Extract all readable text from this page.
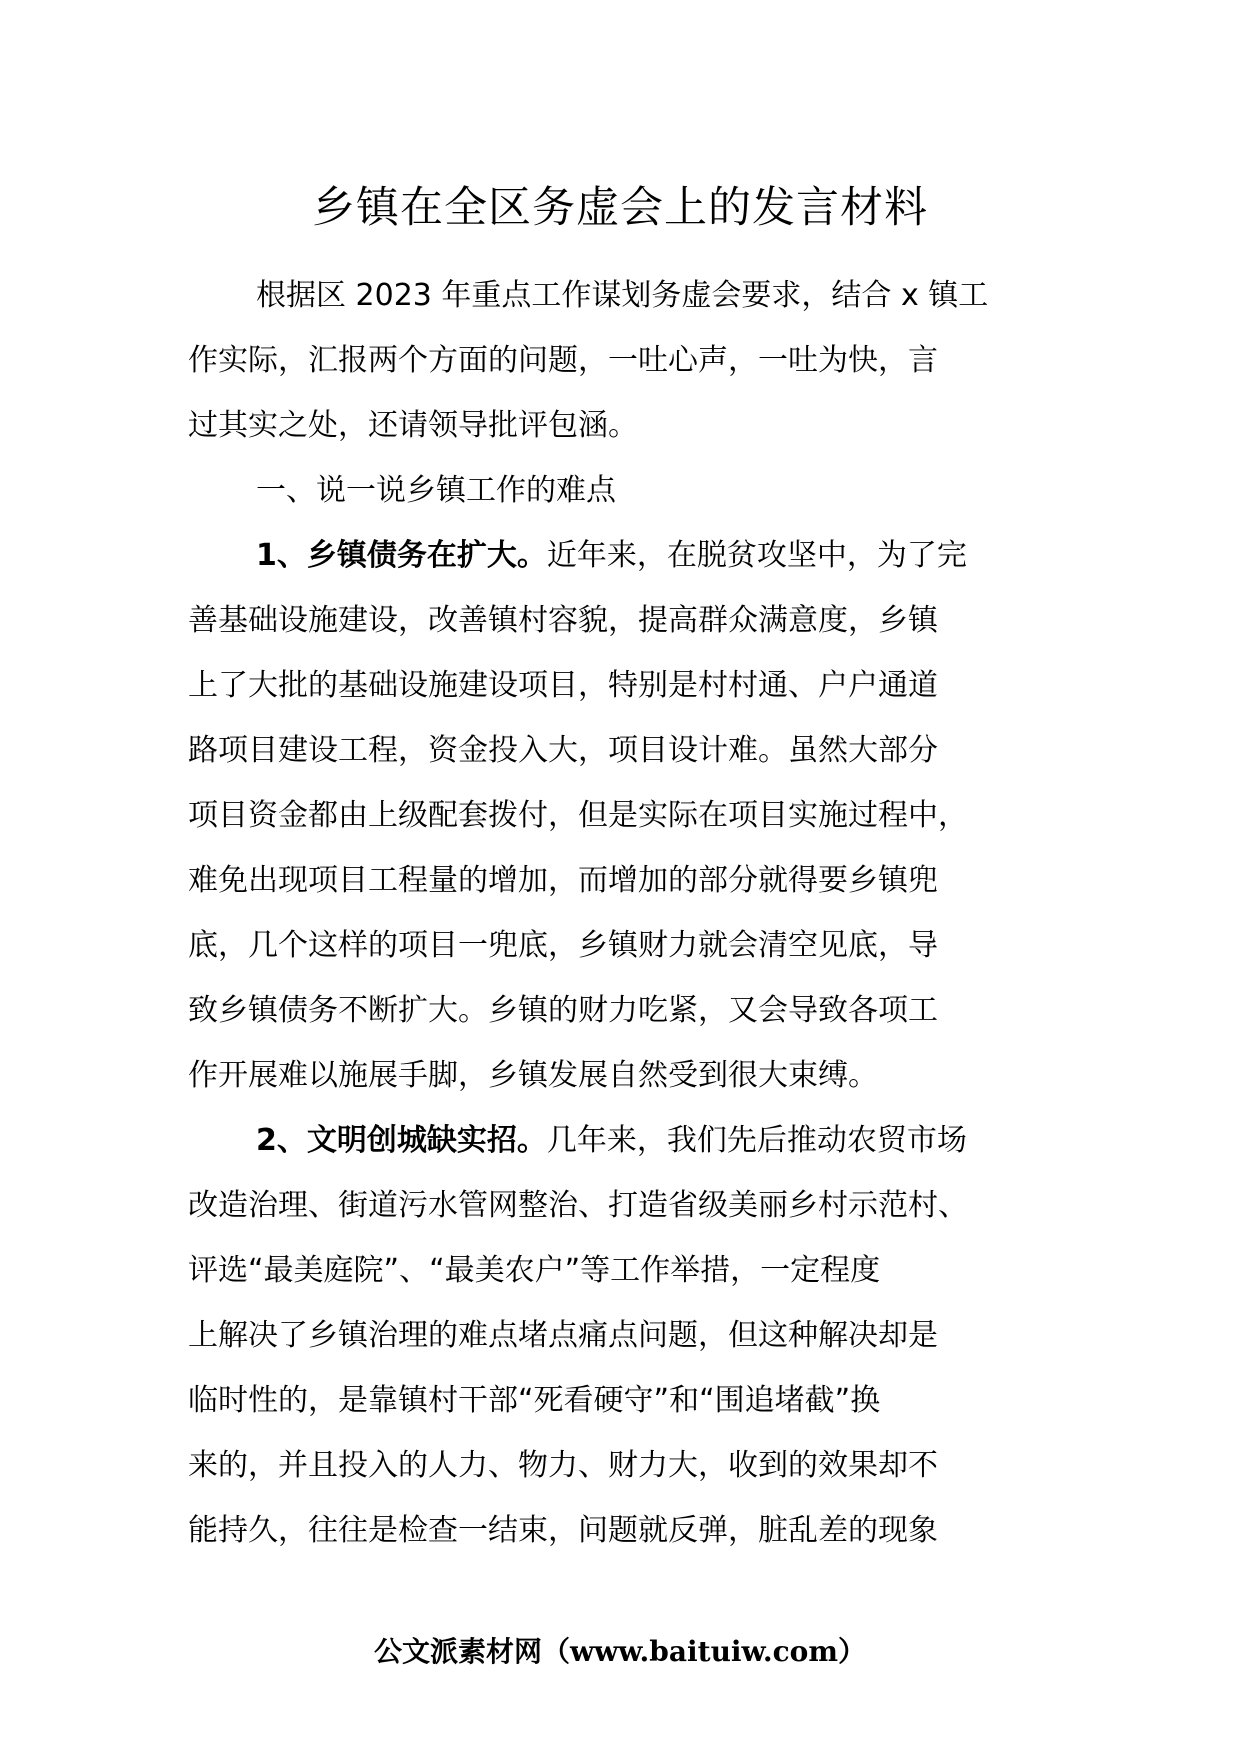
乡镇在全区务虚会上的发言材料
根据区 2023 年重点工作谋划务虚会要求，结合 x 镇工
作实际，汇报两个方面的问题，一吐心声，一吐为快，言
过其实之处，还请领导批评包涵。
一、说一说乡镇工作的难点
1、乡镇债务在扩大。近年来，在脱贫攻坚中，为了完
善基础设施建设，改善镇村容貌，提高群众满意度，乡镇
上了大批的基础设施建设项目，特别是村村通、户户通道
路项目建设工程，资金投入大，项目设计难。虽然大部分
项目资金都由上级配套拨付，但是实际在项目实施过程中，
难免出现项目工程量的增加，而增加的部分就得要乡镇兜
底，几个这样的项目一兜底，乡镇财力就会清空见底，导
致乡镇债务不断扩大。乡镇的财力吃紧，又会导致各项工
作开展难以施展手脚，乡镇发展自然受到很大束缚。
2、文明创城缺实招。几年来，我们先后推动农贸市场
改造治理、街道污水管网整治、打造省级美丽乡村示范村、
评选“最美庭院”、“最美农户”等工作举措，一定程度
上解决了乡镇治理的难点堵点痛点问题，但这种解决却是
临时性的，是靠镇村干部“死看硬守”和“围追堵截”换
来的，并且投入的人力、物力、财力大，收到的效果却不
能持久，往往是检查一结束，问题就反弹，脏乱差的现象
公文派素材网（www.baituiw.com）
